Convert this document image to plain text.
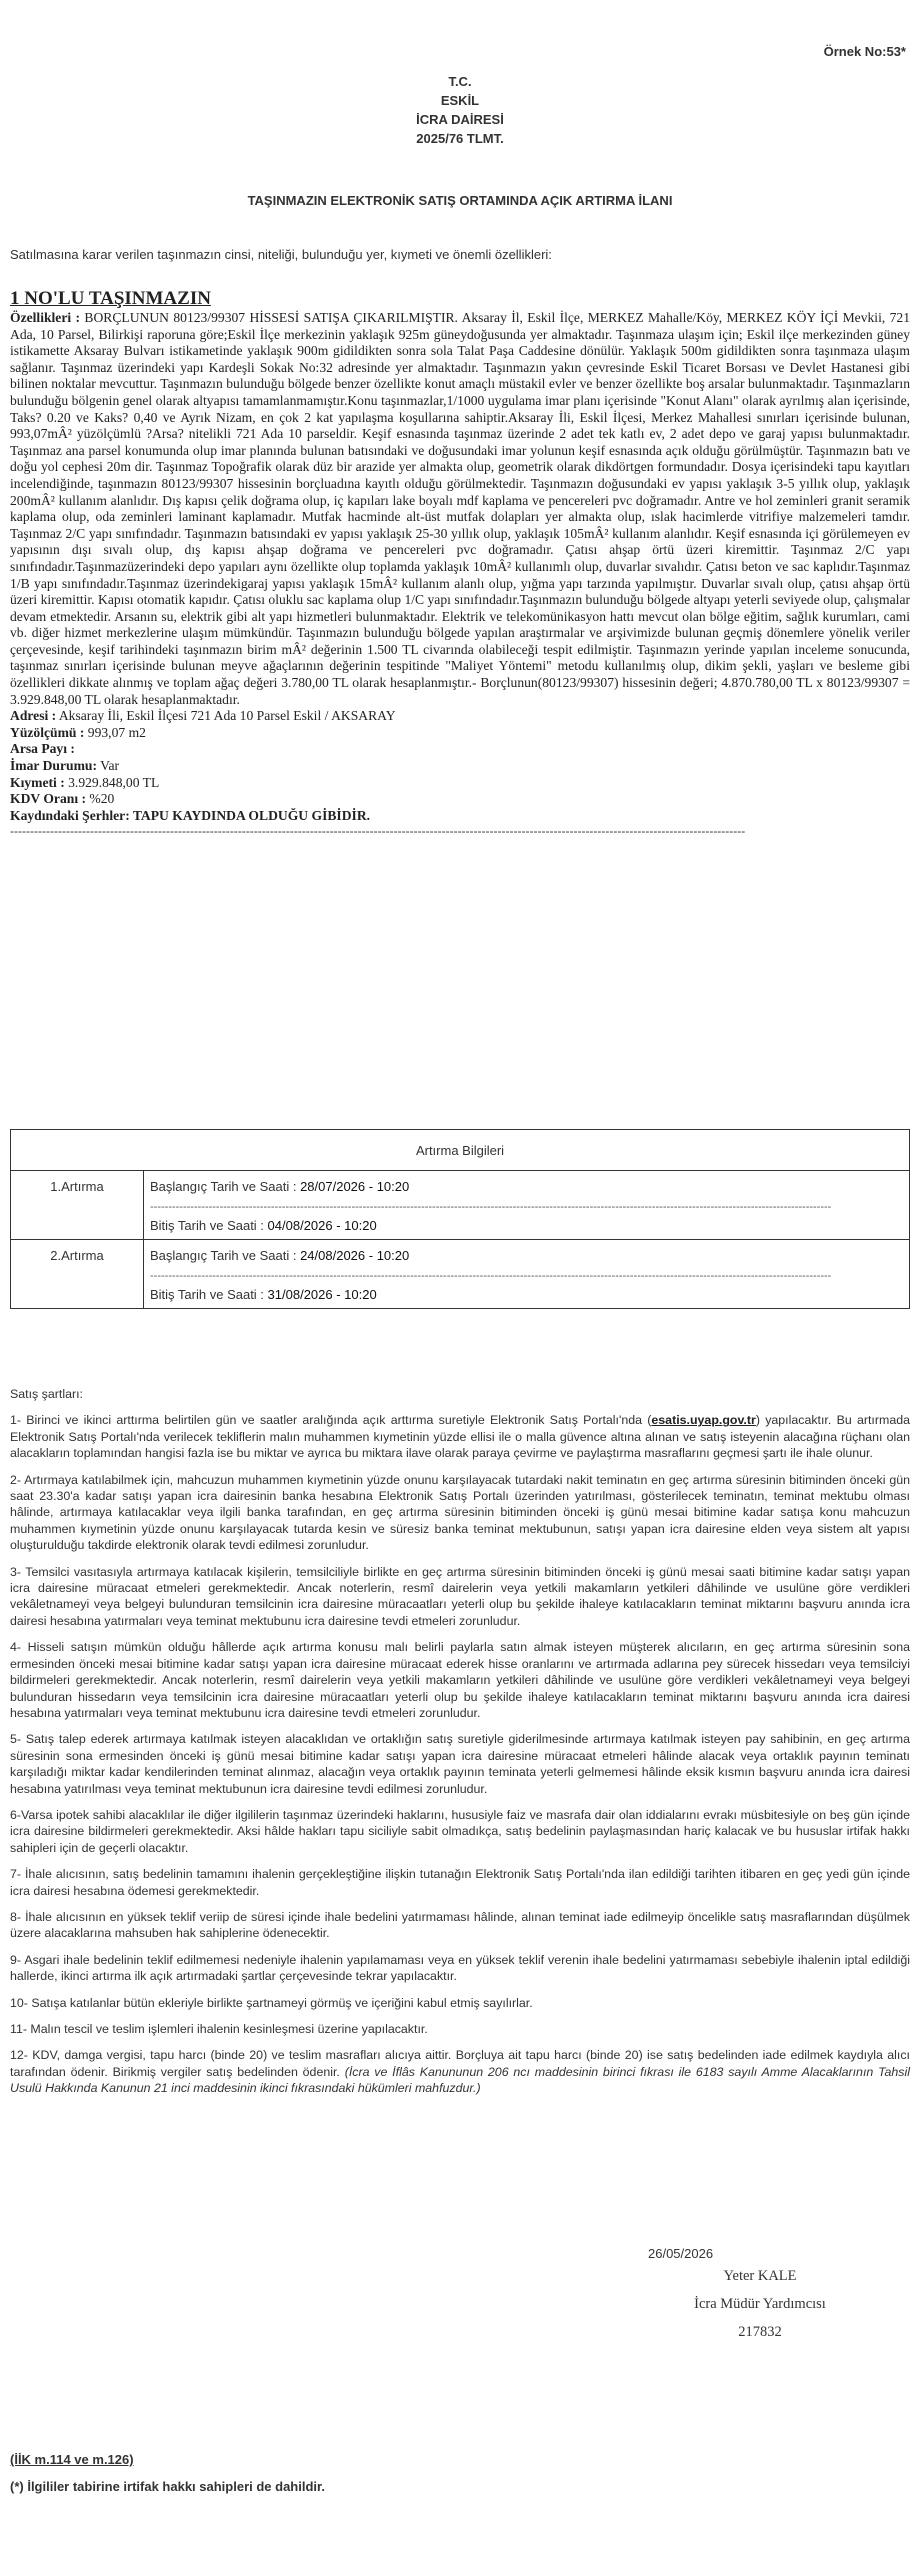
Örnek No:53*
T.C.
ESKİL
İCRA DAİRESİ
2025/76 TLMT.
TAŞINMAZIN ELEKTRONİK SATIŞ ORTAMINDA AÇIK ARTIRMA İLANI
Satılmasına karar verilen taşınmazın cinsi, niteliği, bulunduğu yer, kıymeti ve önemli özellikleri:
1 NO'LU TAŞINMAZIN

Özellikleri : BORÇLUNUN 80123/99307 HİSSESİ SATIŞA ÇIKARILMIŞTIR. Aksaray İl, Eskil İlçe, MERKEZ Mahalle/Köy, MERKEZ KÖY İÇİ Mevkii, 721 Ada, 10 Parsel, Bilirkişi raporuna göre;Eskil İlçe merkezinin yaklaşık 925m güneydoğusunda yer almaktadır. Taşınmaza ulaşım için; Eskil ilçe merkezinden güney istikamette Aksaray Bulvarı istikametinde yaklaşık 900m gidildikten sonra sola Talat Paşa Caddesine dönülür. Yaklaşık 500m gidildikten sonra taşınmaza ulaşım sağlanır. Taşınmaz üzerindeki yapı Kardeşli Sokak No:32 adresinde yer almaktadır. Taşınmazın yakın çevresinde Eskil Ticaret Borsası ve Devlet Hastanesi gibi bilinen noktalar mevcuttur. Taşınmazın bulunduğu bölgede benzer özellikte konut amaçlı müstakil evler ve benzer özellikte boş arsalar bulunmaktadır. Taşınmazların bulunduğu bölgenin genel olarak altyapısı tamamlanmamıştır.Konu taşınmazlar,1/1000 uygulama imar planı içerisinde "Konut Alanı" olarak ayrılmış alan içerisinde, Taks? 0.20 ve Kaks? 0,40 ve Ayrık Nizam, en çok 2 kat yapılaşma koşullarına sahiptir.Aksaray İli, Eskil İlçesi, Merkez Mahallesi sınırları içerisinde bulunan, 993,07mÂ² yüzölçümlü ?Arsa? nitelikli 721 Ada 10 parseldir. Keşif esnasında taşınmaz üzerinde 2 adet tek katlı ev, 2 adet depo ve garaj yapısı bulunmaktadır. Taşınmaz ana parsel konumunda olup imar planında bulunan batısındaki ve doğusundaki imar yolunun keşif esnasında açık olduğu görülmüştür. Taşınmazın batı ve doğu yol cephesi 20m dir. Taşınmaz Topoğrafik olarak düz bir arazide yer almakta olup, geometrik olarak dikdörtgen formundadır. Dosya içerisindeki tapu kayıtları incelendiğinde, taşınmazın 80123/99307 hissesinin borçluadına kayıtlı olduğu görülmektedir. Taşınmazın doğusundaki ev yapısı yaklaşık 3-5 yıllık olup, yaklaşık 200mÂ² kullanım alanlıdır. Dış kapısı çelik doğrama olup, iç kapıları lake boyalı mdf kaplama ve pencereleri pvc doğramadır. Antre ve hol zeminleri granit seramik kaplama olup, oda zeminleri laminant kaplamadır. Mutfak hacminde alt-üst mutfak dolapları yer almakta olup, ıslak hacimlerde vitrifiye malzemeleri tamdır. Taşınmaz 2/C yapı sınıfındadır. Taşınmazın batısındaki ev yapısı yaklaşık 25-30 yıllık olup, yaklaşık 105mÂ² kullanım alanlıdır. Keşif esnasında içi görülemeyen ev yapısının dışı sıvalı olup, dış kapısı ahşap doğrama ve pencereleri pvc doğramadır. Çatısı ahşap örtü üzeri kiremittir. Taşınmaz 2/C yapı sınıfındadır.Taşınmazüzerindeki depo yapıları aynı özellikte olup toplamda yaklaşık 10mÂ² kullanımlı olup, duvarlar sıvalıdır. Çatısı beton ve sac kaplıdır.Taşınmaz 1/B yapı sınıfındadır.Taşınmaz üzerindekigaraj yapısı yaklaşık 15mÂ² kullanım alanlı olup, yığma yapı tarzında yapılmıştır. Duvarlar sıvalı olup, çatısı ahşap örtü üzeri kiremittir. Kapısı otomatik kapıdır. Çatısı oluklu sac kaplama olup 1/C yapı sınıfındadır.Taşınmazın bulunduğu bölgede altyapı yeterli seviyede olup, çalışmalar devam etmektedir. Arsanın su, elektrik gibi alt yapı hizmetleri bulunmaktadır. Elektrik ve telekomünikasyon hattı mevcut olan bölge eğitim, sağlık kurumları, cami vb. diğer hizmet merkezlerine ulaşım mümkündür. Taşınmazın bulunduğu bölgede yapılan araştırmalar ve arşivimizde bulunan geçmiş dönemlere yönelik veriler çerçevesinde, keşif tarihindeki taşınmazın birim mÂ² değerinin 1.500 TL civarında olabileceği tespit edilmiştir. Taşınmazın yerinde yapılan inceleme sonucunda, taşınmaz sınırları içerisinde bulunan meyve ağaçlarının değerinin tespitinde "Maliyet Yöntemi" metodu kullanılmış olup, dikim şekli, yaşları ve besleme gibi özellikleri dikkate alınmış ve toplam ağaç değeri 3.780,00 TL olarak hesaplanmıştır.- Borçlunun(80123/99307) hissesinin değeri; 4.870.780,00 TL x 80123/99307 = 3.929.848,00 TL olarak hesaplanmaktadır.

Adresi : Aksaray İli, Eskil İlçesi 721 Ada 10 Parsel Eskil / AKSARAY

Yüzölçümü : 993,07 m2

Arsa Payı :

İmar Durumu: Var

Kıymeti : 3.929.848,00 TL

KDV Oranı : %20

Kaydındaki Şerhler: TAPU KAYDINDA OLDUĞU GİBİDİR.

----------------------------------------------------------------------------------------------------------------------------------------------------------------------------------------
Artırma Bilgileri	
1.Artırma	Başlangıç Tarih ve Saati : 28/07/2026 - 10:20
------------------------------------------------------------------------------------------------------------------------------------------------------------------------------------------
Bitiş Tarih ve Saati : 04/08/2026 - 10:20

2.Artırma	Başlangıç Tarih ve Saati : 24/08/2026 - 10:20
------------------------------------------------------------------------------------------------------------------------------------------------------------------------------------------
Bitiş Tarih ve Saati : 31/08/2026 - 10:20

Satış şartları:

1- Birinci ve ikinci arttırma belirtilen gün ve saatler aralığında açık arttırma suretiyle Elektronik Satış Portalı'nda (esatis.uyap.gov.tr) yapılacaktır. Bu artırmada Elektronik Satış Portalı'nda verilecek tekliflerin malın muhammen kıymetinin yüzde ellisi ile o malla güvence altına alınan ve satış isteyenin alacağına rüçhanı olan alacakların toplamından hangisi fazla ise bu miktar ve ayrıca bu miktara ilave olarak paraya çevirme ve paylaştırma masraflarını geçmesi şartı ile ihale olunur.

2- Artırmaya katılabilmek için, mahcuzun muhammen kıymetinin yüzde onunu karşılayacak tutardaki nakit teminatın en geç artırma süresinin bitiminden önceki gün saat 23.30'a kadar satışı yapan icra dairesinin banka hesabına Elektronik Satış Portalı üzerinden yatırılması, gösterilecek teminatın, teminat mektubu olması hâlinde, artırmaya katılacaklar veya ilgili banka tarafından, en geç artırma süresinin bitiminden önceki iş günü mesai bitimine kadar satışa konu mahcuzun muhammen kıymetinin yüzde onunu karşılayacak tutarda kesin ve süresiz banka teminat mektubunun, satışı yapan icra dairesine elden veya sistem alt yapısı oluşturulduğu takdirde elektronik olarak tevdi edilmesi zorunludur.

3- Temsilci vasıtasıyla artırmaya katılacak kişilerin, temsilciliyle birlikte en geç artırma süresinin bitiminden önceki iş günü mesai saati bitimine kadar satışı yapan icra dairesine müracaat etmeleri gerekmektedir. Ancak noterlerin, resmî dairelerin veya yetkili makamların yetkileri dâhilinde ve usulüne göre verdikleri vekâletnameyi veya belgeyi bulunduran temsilcinin icra dairesine müracaatları yeterli olup bu şekilde ihaleye katılacakların teminat miktarını başvuru anında icra dairesi hesabına yatırmaları veya teminat mektubunu icra dairesine tevdi etmeleri zorunludur.

4- Hisseli satışın mümkün olduğu hâllerde açık artırma konusu malı belirli paylarla satın almak isteyen müşterek alıcıların, en geç artırma süresinin sona ermesinden önceki mesai bitimine kadar satışı yapan icra dairesine müracaat ederek hisse oranlarını ve artırmada adlarına pey sürecek hissedarı veya temsilciyi bildirmeleri gerekmektedir. Ancak noterlerin, resmî dairelerin veya yetkili makamların yetkileri dâhilinde ve usulüne göre verdikleri vekâletnameyi veya belgeyi bulunduran hissedarın veya temsilcinin icra dairesine müracaatları yeterli olup bu şekilde ihaleye katılacakların teminat miktarını başvuru anında icra dairesi hesabına yatırmaları veya teminat mektubunu icra dairesine tevdi etmeleri zorunludur.

5- Satış talep ederek artırmaya katılmak isteyen alacaklıdan ve ortaklığın satış suretiyle giderilmesinde artırmaya katılmak isteyen pay sahibinin, en geç artırma süresinin sona ermesinden önceki iş günü mesai bitimine kadar satışı yapan icra dairesine müracaat etmeleri hâlinde alacak veya ortaklık payının teminatı karşıladığı miktar kadar kendilerinden teminat alınmaz, alacağın veya ortaklık payının teminata yeterli gelmemesi hâlinde eksik kısmın başvuru anında icra dairesi hesabına yatırılması veya teminat mektubunun icra dairesine tevdi edilmesi zorunludur.

6-Varsa ipotek sahibi alacaklılar ile diğer ilgililerin taşınmaz üzerindeki haklarını, hususiyle faiz ve masrafa dair olan iddialarını evrakı müsbitesiyle on beş gün içinde icra dairesine bildirmeleri gerekmektedir. Aksi hâlde hakları tapu siciliyle sabit olmadıkça, satış bedelinin paylaşmasından hariç kalacak ve bu hususlar irtifak hakkı sahipleri için de geçerli olacaktır.

7- İhale alıcısının, satış bedelinin tamamını ihalenin gerçekleştiğine ilişkin tutanağın Elektronik Satış Portalı'nda ilan edildiği tarihten itibaren en geç yedi gün içinde icra dairesi hesabına ödemesi gerekmektedir.

8- İhale alıcısının en yüksek teklif veriip de süresi içinde ihale bedelini yatırmaması hâlinde, alınan teminat iade edilmeyip öncelikle satış masraflarından düşülmek üzere alacaklarına mahsuben hak sahiplerine ödenecektir.

9- Asgari ihale bedelinin teklif edilmemesi nedeniyle ihalenin yapılamaması veya en yüksek teklif verenin ihale bedelini yatırmaması sebebiyle ihalenin iptal edildiği hallerde, ikinci artırma ilk açık artırmadaki şartlar çerçevesinde tekrar yapılacaktır.

10- Satışa katılanlar bütün ekleriyle birlikte şartnameyi görmüş ve içeriğini kabul etmiş sayılırlar.

11- Malın tescil ve teslim işlemleri ihalenin kesinleşmesi üzerine yapılacaktır.

12- KDV, damga vergisi, tapu harcı (binde 20) ve teslim masrafları alıcıya aittir. Borçluya ait tapu harcı (binde 20) ise satış bedelinden iade edilmek kaydıyla alıcı tarafından ödenir. Birikmiş vergiler satış bedelinden ödenir. (İcra ve İflâs Kanununun 206 ncı maddesinin birinci fıkrası ile 6183 sayılı Amme Alacaklarının Tahsil Usulü Hakkında Kanunun 21 inci maddesinin ikinci fıkrasındaki hükümleri mahfuzdur.)

26/05/2026
Yeter KALE
İcra Müdür Yardımcısı
217832
(İİK m.114 ve m.126)
(*) İlgililer tabirine irtifak hakkı sahipleri de dahildir.
